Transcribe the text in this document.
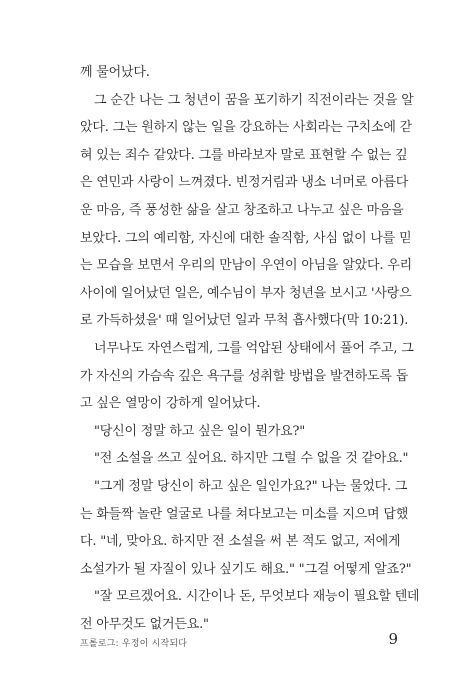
께 물어났다.
그 순간 나는 그 청년이 꿈을 포기하기 직전이라는 것을 알
았다. 그는 원하지 않는 일을 강요하는 사회라는 구치소에 갇
혀 있는 죄수 같았다. 그를 바라보자 말로 표현할 수 없는 깊
은 연민과 사랑이 느껴졌다. 빈정거림과 냉소 너머로 아름다
운 마음, 즉 풍성한 삶을 살고 창조하고 나누고 싶은 마음을
보았다. 그의 예리함, 자신에 대한 솔직함, 사심 없이 나를 믿
는 모습을 보면서 우리의 만남이 우연이 아님을 알았다. 우리
사이에 일어났던 일은, 예수님이 부자 청년을 보시고 '사랑으
로 가득하셨을' 때 일어났던 일과 무척 흡사했다(막 10:21).
너무나도 자연스럽게, 그를 억압된 상태에서 풀어 주고, 그
가 자신의 가슴속 깊은 욕구를 성취할 방법을 발견하도록 돕
고 싶은 열망이 강하게 일어났다.
"당신이 정말 하고 싶은 일이 뭔가요?"
"전 소설을 쓰고 싶어요. 하지만 그럴 수 없을 것 같아요."
"그게 정말 당신이 하고 싶은 일인가요?" 나는 물었다. 그
는 화들짝 놀란 얼굴로 나를 쳐다보고는 미소를 지으며 답했
다. "네, 맞아요. 하지만 전 소설을 써 본 적도 없고, 저에게
소설가가 될 자질이 있나 싶기도 해요." "그걸 어떻게 알죠?"
"잘 모르겠어요. 시간이나 돈, 무엇보다 재능이 필요할 텐데
전 아무것도 없거든요."
프롤로그: 우정이 시작되다	9
